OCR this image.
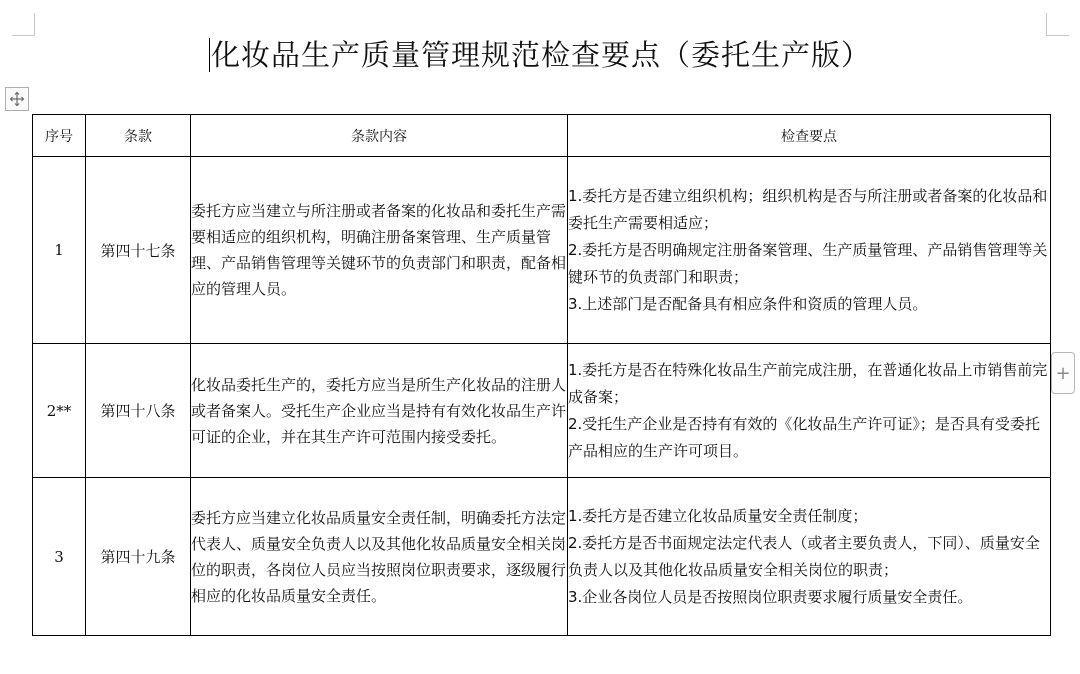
化妆品生产质量管理规范检查要点（委托生产版）
+
序号	条款	条款内容	检查要点
1	第四十七条	委托方应当建立与所注册或者备案的化妆品和委托生产需要相适应的组织机构，明确注册备案管理、生产质量管理、产品销售管理等关键环节的负责部门和职责，配备相应的管理人员。	1.委托方是否建立组织机构；组织机构是否与所注册或者备案的化妆品和委托生产需要相适应；
2.委托方是否明确规定注册备案管理、生产质量管理、产品销售管理等关键环节的负责部门和职责；
3.上述部门是否配备具有相应条件和资质的管理人员。

2**	第四十八条	化妆品委托生产的，委托方应当是所生产化妆品的注册人或者备案人。受托生产企业应当是持有有效化妆品生产许可证的企业，并在其生产许可范围内接受委托。	1.委托方是否在特殊化妆品生产前完成注册，在普通化妆品上市销售前完成备案；
2.受托生产企业是否持有有效的《化妆品生产许可证》；是否具有受委托产品相应的生产许可项目。

3	第四十九条	委托方应当建立化妆品质量安全责任制，明确委托方法定代表人、质量安全负责人以及其他化妆品质量安全相关岗位的职责，各岗位人员应当按照岗位职责要求，逐级履行相应的化妆品质量安全责任。	1.委托方是否建立化妆品质量安全责任制度；
2.委托方是否书面规定法定代表人（或者主要负责人，下同）、质量安全负责人以及其他化妆品质量安全相关岗位的职责；
3.企业各岗位人员是否按照岗位职责要求履行质量安全责任。
